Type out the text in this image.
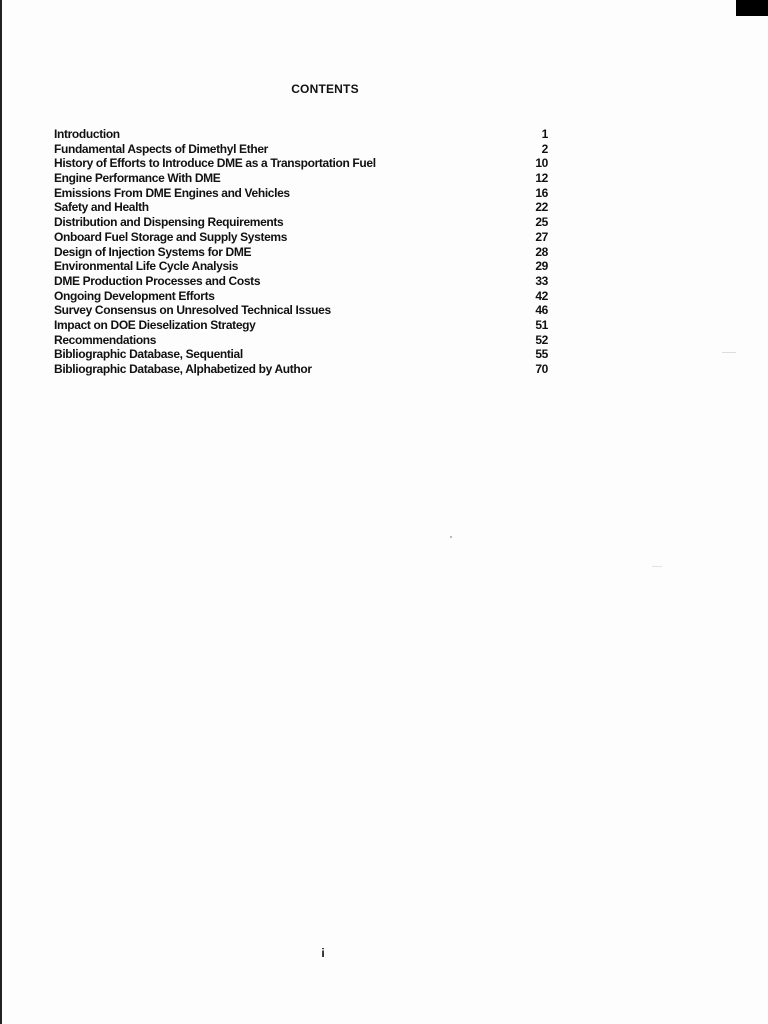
CONTENTS
Introduction	1
Fundamental Aspects of Dimethyl Ether	2
History of Efforts to Introduce DME as a Transportation Fuel	10
Engine Performance With DME	12
Emissions From DME Engines and Vehicles	16
Safety and Health	22
Distribution and Dispensing Requirements	25
Onboard Fuel Storage and Supply Systems	27
Design of Injection Systems for DME	28
Environmental Life Cycle Analysis	29
DME Production Processes and Costs	33
Ongoing Development Efforts	42
Survey Consensus on Unresolved Technical Issues	46
Impact on DOE Dieselization Strategy	51
Recommendations	52
Bibliographic Database, Sequential	55
Bibliographic Database, Alphabetized by Author	70
i
